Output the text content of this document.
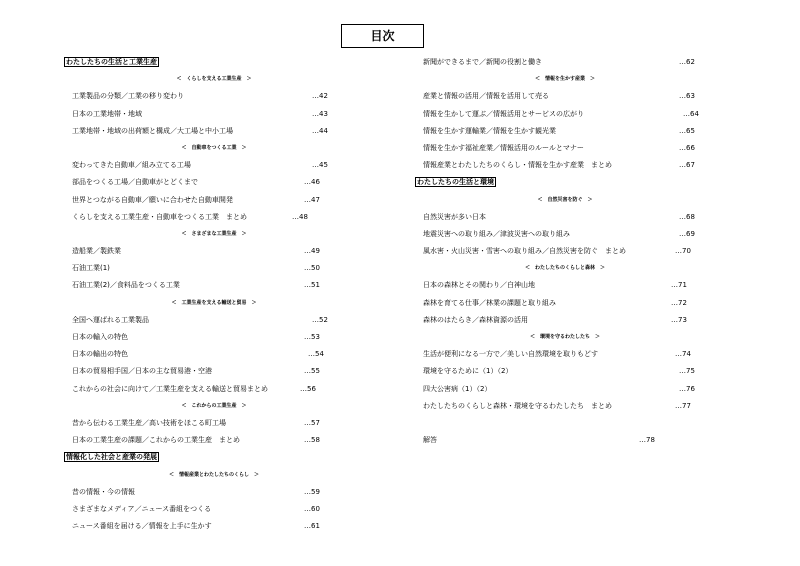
目次
わたしたちの生活と工業生産
＜　くらしを支える工業生産　＞
工業製品の分類／工業の移り変わり	…42
日本の工業地帯・地域	…43
工業地帯・地域の出荷額と構成／大工場と中小工場	…44
＜　自動車をつくる工業　＞
変わってきた自動車／組み立てる工場	…45
部品をつくる工場／自動車がとどくまで	…46
世界とつながる自動車／願いに合わせた自動車開発	…47
くらしを支える工業生産・自動車をつくる工業　まとめ	…48
＜　さまざまな工業生産　＞
造船業／製鉄業	…49
石油工業(1)	…50
石油工業(2)／食料品をつくる工業	…51
＜　工業生産を支える輸送と貿易　＞
全国へ運ばれる工業製品	…52
日本の輸入の特色	…53
日本の輸出の特色	…54
日本の貿易相手国／日本の主な貿易港・空港	…55
これからの社会に向けて／工業生産を支える輸送と貿易まとめ	…56
＜　これからの工業生産　＞
昔から伝わる工業生産／高い技術をほこる町工場	…57
日本の工業生産の課題／これからの工業生産　まとめ	…58
情報化した社会と産業の発展
＜　情報産業とわたしたちのくらし　＞
昔の情報・今の情報	…59
さまざまなメディア／ニュース番組をつくる	…60
ニュース番組を届ける／情報を上手に生かす	…61
新聞ができるまで／新聞の役割と働き	…62
＜　情報を生かす産業　＞
産業と情報の活用／情報を活用して売る	…63
情報を生かして運ぶ／情報活用とサービスの広がり	…64
情報を生かす運輸業／情報を生かす観光業	…65
情報を生かす福祉産業／情報活用のルールとマナー	…66
情報産業とわたしたちのくらし・情報を生かす産業　まとめ	…67
わたしたちの生活と環境
＜　自然災害を防ぐ　＞
自然災害が多い日本	…68
地震災害への取り組み／津波災害への取り組み	…69
風水害・火山災害・雪害への取り組み／自然災害を防ぐ　まとめ	…70
＜　わたしたちのくらしと森林　＞
日本の森林とその関わり／白神山地	…71
森林を育てる仕事／林業の課題と取り組み	…72
森林のはたらき／森林資源の活用	…73
＜　環境を守るわたしたち　＞
生活が便利になる一方で／美しい自然環境を取りもどす	…74
環境を守るために（1）（2）	…75
四大公害病（1）（2）	…76
わたしたちのくらしと森林・環境を守るわたしたち　まとめ	…77
解答	…78
